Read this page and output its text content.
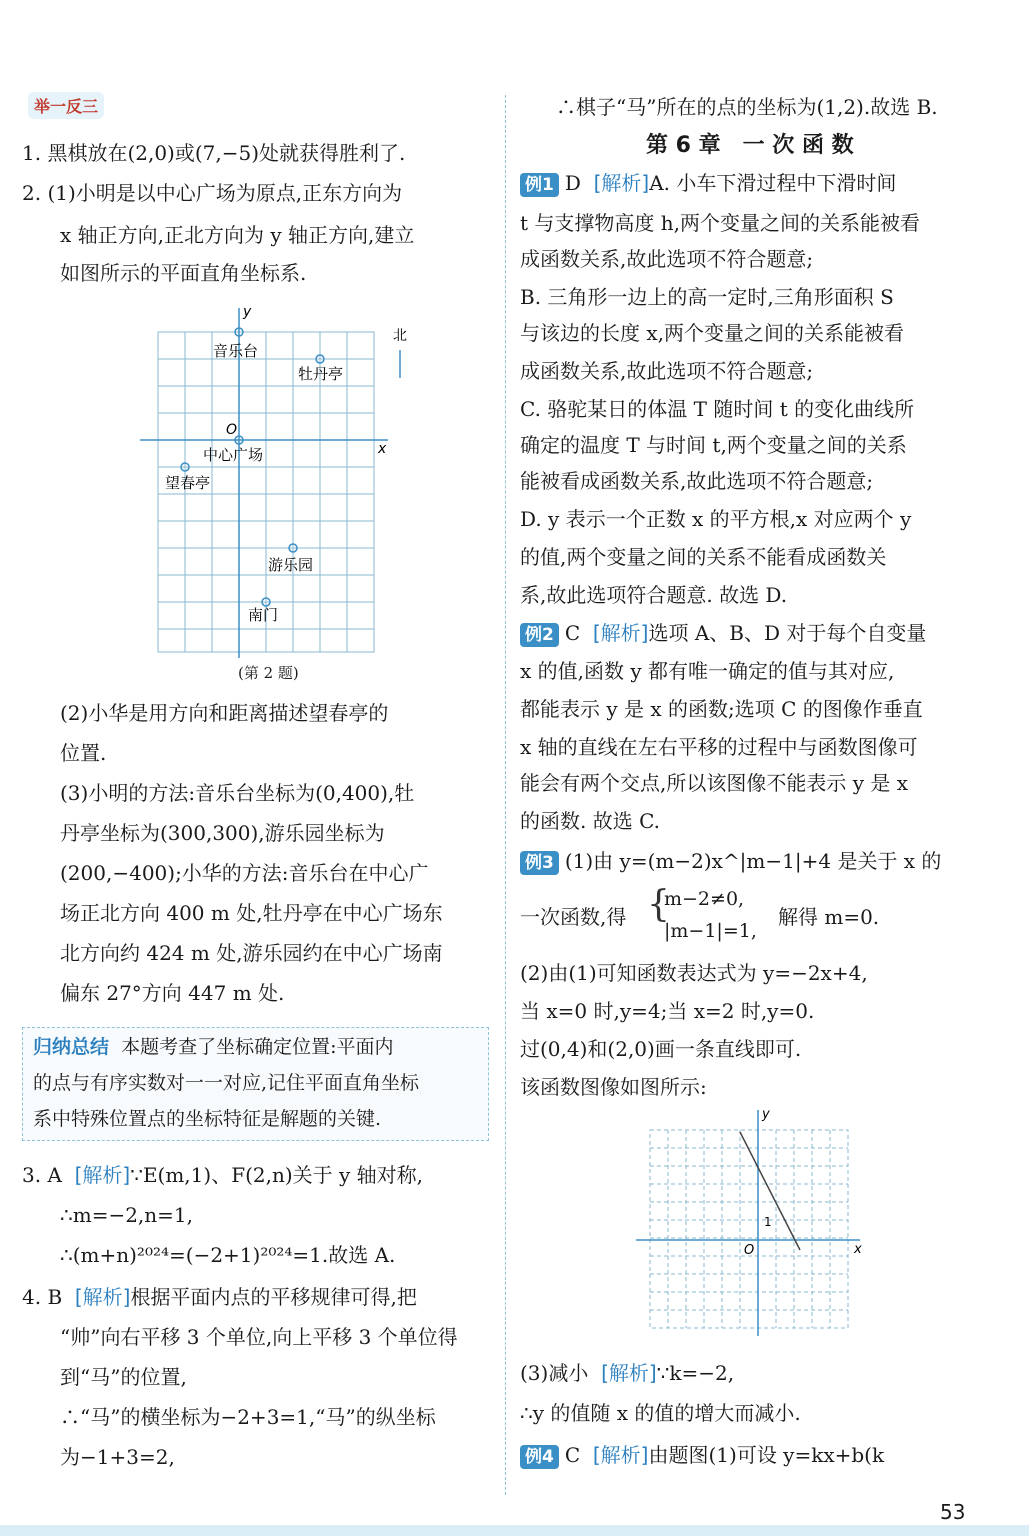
举一反三
1. 黑棋放在(2,0)或(7,−5)处就获得胜利了.
2. (1)小明是以中心广场为原点,正东方向为
x 轴正方向,正北方向为 y 轴正方向,建立
如图所示的平面直角坐标系.
y
x
O
北
音乐台
牡丹亭
中心广场
望春亭
游乐园
南门
(第 2 题)
(2)小华是用方向和距离描述望春亭的
位置.
(3)小明的方法:音乐台坐标为(0,400),牡
丹亭坐标为(300,300),游乐园坐标为
(200,−400);小华的方法:音乐台在中心广
场正北方向 400 m 处,牡丹亭在中心广场东
北方向约 424 m 处,游乐园约在中心广场南
偏东 27°方向 447 m 处.
归纳总结 本题考查了坐标确定位置:平面内
的点与有序实数对一一对应,记住平面直角坐标
系中特殊位置点的坐标特征是解题的关键.
3. A [解析]∵E(m,1)、F(2,n)关于 y 轴对称,
∴m=−2,n=1,
∴(m+n)²⁰²⁴=(−2+1)²⁰²⁴=1.故选 A.
4. B [解析]根据平面内点的平移规律可得,把
“帅”向右平移 3 个单位,向上平移 3 个单位得
到“马”的位置,
∴“马”的横坐标为−2+3=1,“马”的纵坐标
为−1+3=2,
∴棋子“马”所在的点的坐标为(1,2).故选 B.
第 6 章　一 次 函 数
例1 D [解析]A. 小车下滑过程中下滑时间
t 与支撑物高度 h,两个变量之间的关系能被看
成函数关系,故此选项不符合题意;
B. 三角形一边上的高一定时,三角形面积 S
与该边的长度 x,两个变量之间的关系能被看
成函数关系,故此选项不符合题意;
C. 骆驼某日的体温 T 随时间 t 的变化曲线所
确定的温度 T 与时间 t,两个变量之间的关系
能被看成函数关系,故此选项不符合题意;
D. y 表示一个正数 x 的平方根,x 对应两个 y
的值,两个变量之间的关系不能看成函数关
系,故此选项符合题意. 故选 D.
例2 C [解析]选项 A、B、D 对于每个自变量
x 的值,函数 y 都有唯一确定的值与其对应,
都能表示 y 是 x 的函数;选项 C 的图像作垂直
x 轴的直线在左右平移的过程中与函数图像可
能会有两个交点,所以该图像不能表示 y 是 x
的函数. 故选 C.
例3 (1)由 y=(m−2)x^|m−1|+4 是关于 x 的
一次函数,得 {
m−2≠0,
|m−1|=1,
解得 m=0.
(2)由(1)可知函数表达式为 y=−2x+4,
当 x=0 时,y=4;当 x=2 时,y=0.
过(0,4)和(2,0)画一条直线即可.
该函数图像如图所示:
y
x
O
1
(3)减小 [解析]∵k=−2,
∴y 的值随 x 的值的增大而减小.
例4 C [解析]由题图(1)可设 y=kx+b(k
53
